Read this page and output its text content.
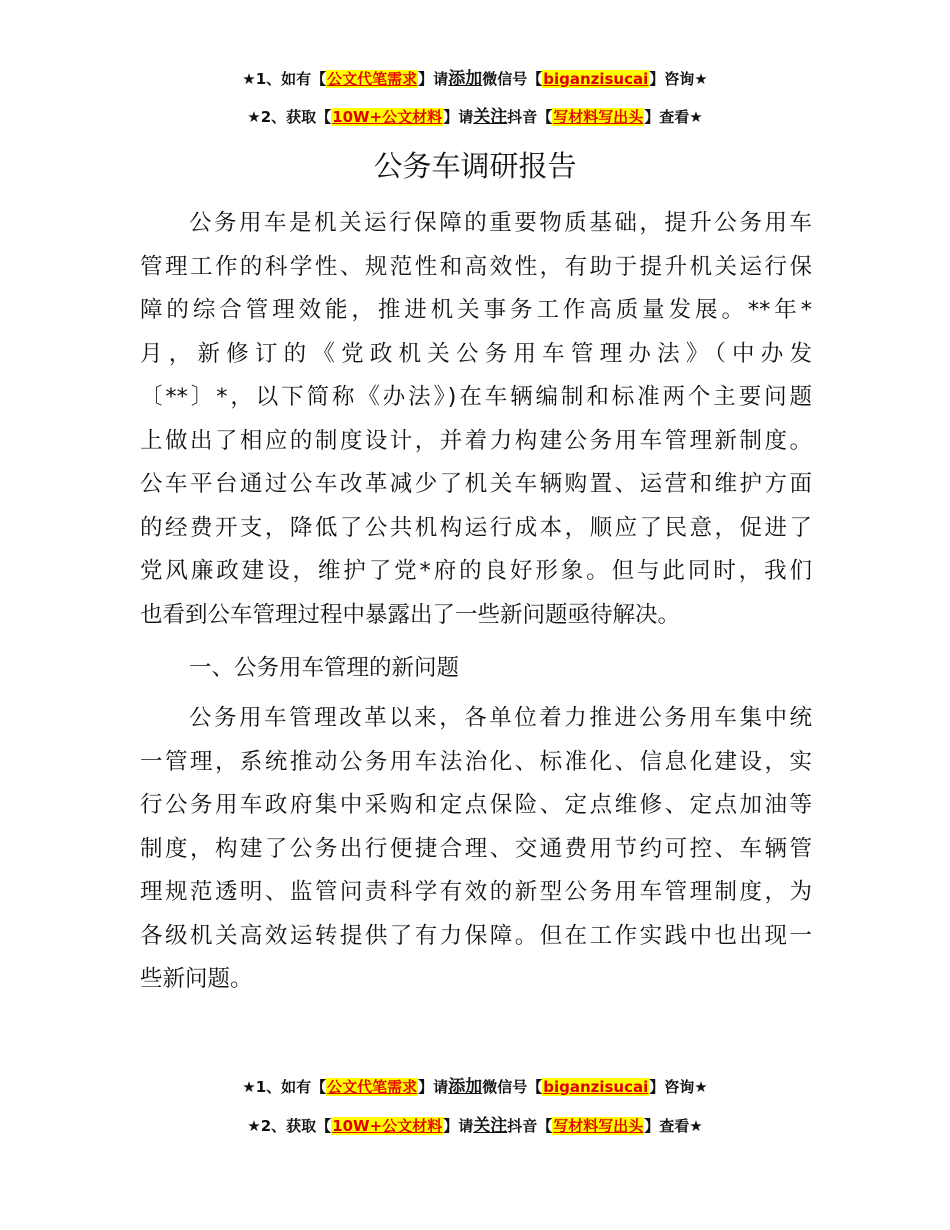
★1、如有【公文代笔需求】请添加微信号【biganzisucai】咨询★
★2、获取【10W+公文材料】请关注抖音【写材料写出头】查看★
公务车调研报告
公务用车是机关运行保障的重要物质基础，提升公务用车
管理工作的科学性、规范性和高效性，有助于提升机关运行保
障的综合管理效能，推进机关事务工作高质量发展。**年*
月，新修订的《党政机关公务用车管理办法》（中办发
〔**〕*，以下简称《办法》)在车辆编制和标准两个主要问题
上做出了相应的制度设计，并着力构建公务用车管理新制度。
公车平台通过公车改革减少了机关车辆购置、运营和维护方面
的经费开支，降低了公共机构运行成本，顺应了民意，促进了
党风廉政建设，维护了党*府的良好形象。但与此同时，我们
也看到公车管理过程中暴露出了一些新问题亟待解决。
一、公务用车管理的新问题
公务用车管理改革以来，各单位着力推进公务用车集中统
一管理，系统推动公务用车法治化、标准化、信息化建设，实
行公务用车政府集中采购和定点保险、定点维修、定点加油等
制度，构建了公务出行便捷合理、交通费用节约可控、车辆管
理规范透明、监管问责科学有效的新型公务用车管理制度，为
各级机关高效运转提供了有力保障。但在工作实践中也出现一
些新问题。
★1、如有【公文代笔需求】请添加微信号【biganzisucai】咨询★
★2、获取【10W+公文材料】请关注抖音【写材料写出头】查看★
